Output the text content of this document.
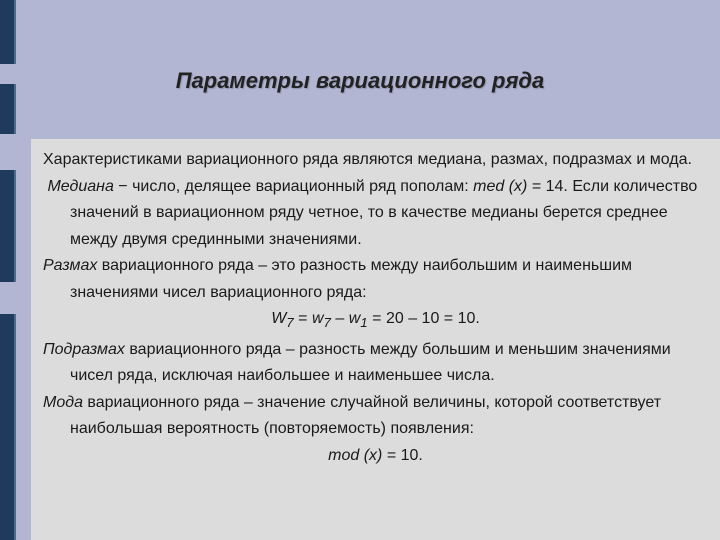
Параметры вариационного ряда

Характеристиками вариационного ряда являются медиана, размах, подразмах и мода.

Медиана − число, делящее вариационный ряд пополам: med (x) = 14. Если количество значений в вариационном ряду четное, то в качестве медианы берется среднее между двумя срединными значениями.

Размах вариационного ряда – это разность между наибольшим и наименьшим значениями чисел вариационного ряда:

$W_7 = w_7 - w_1 = 20 - 10 = 10$.

Подразмах вариационного ряда – разность между большим и меньшим значениями чисел ряда, исключая наибольшее и наименьшее числа.

Мода вариационного ряда – значение случайной величины, которой соответствует наибольшая вероятность (повторяемость) появления:

mod (x) = 10.
